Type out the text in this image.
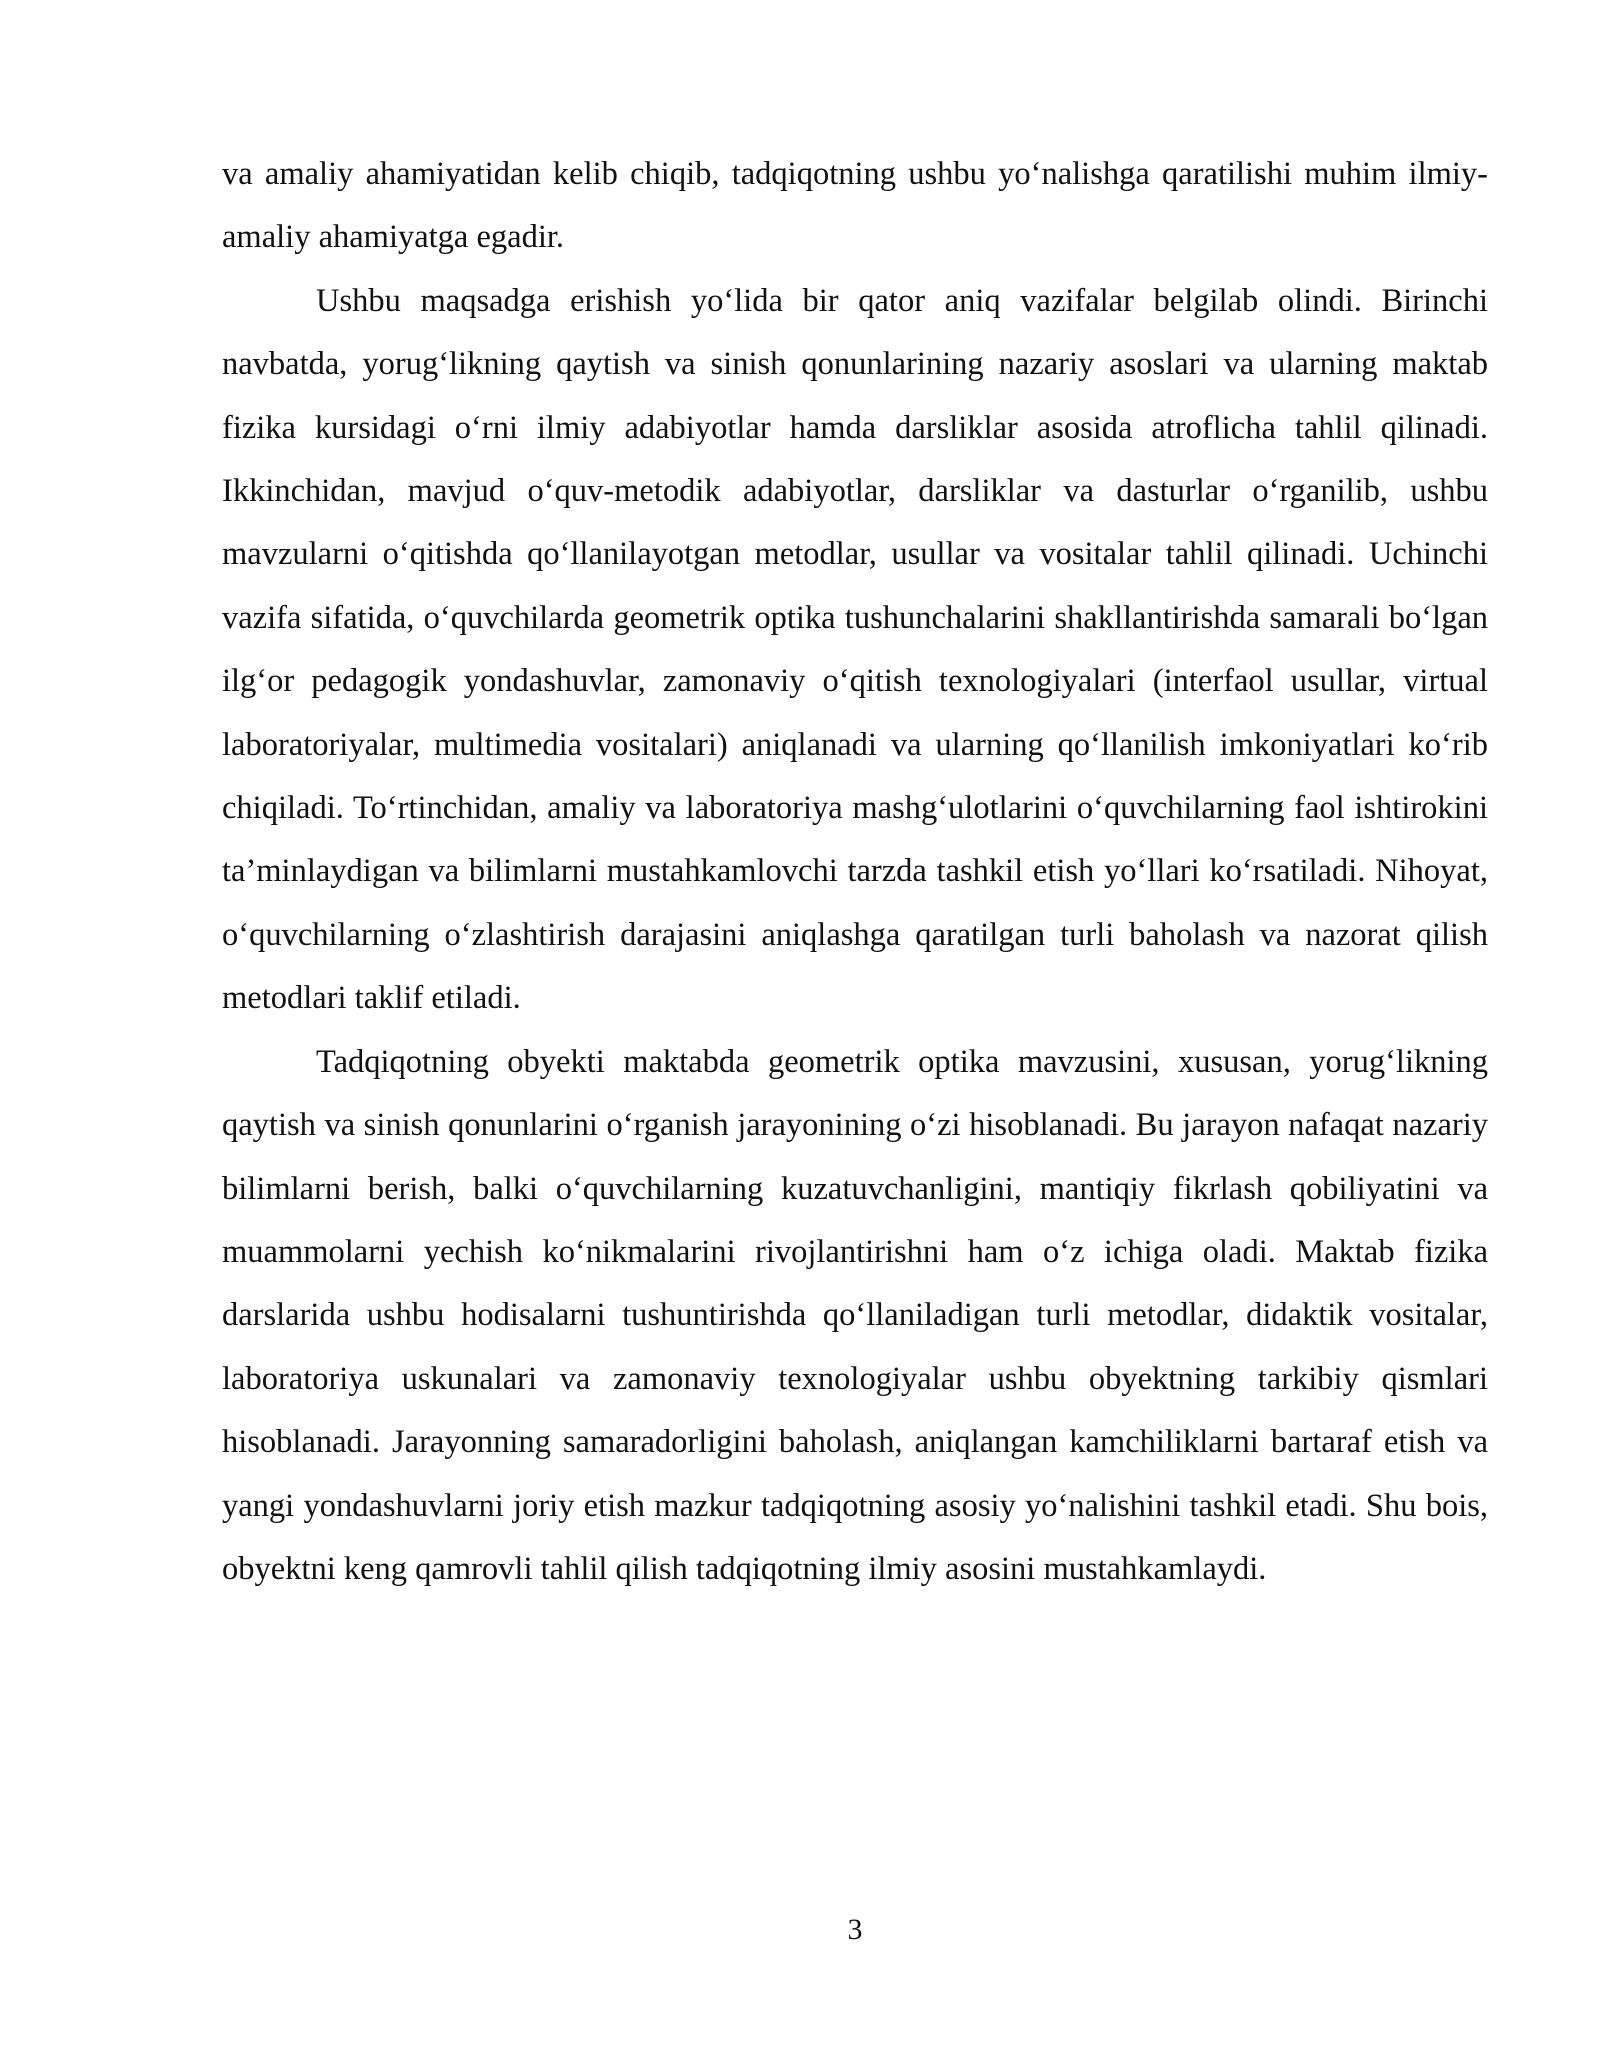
va amaliy ahamiyatidan kelib chiqib, tadqiqotning ushbu yo‘nalishga qaratilishi muhim ilmiy-amaliy ahamiyatga egadir.

Ushbu maqsadga erishish yo‘lida bir qator aniq vazifalar belgilab olindi. Birinchi navbatda, yorug‘likning qaytish va sinish qonunlarining nazariy asoslari va ularning maktab fizika kursidagi o‘rni ilmiy adabiyotlar hamda darsliklar asosida atroflicha tahlil qilinadi. Ikkinchidan, mavjud o‘quv-metodik adabiyotlar, darsliklar va dasturlar o‘rganilib, ushbu mavzularni o‘qitishda qo‘llanilayotgan metodlar, usullar va vositalar tahlil qilinadi. Uchinchi vazifa sifatida, o‘quvchilarda geometrik optika tushunchalarini shakllantirishda samarali bo‘lgan ilg‘or pedagogik yondashuvlar, zamonaviy o‘qitish texnologiyalari (interfaol usullar, virtual laboratoriyalar, multimedia vositalari) aniqlanadi va ularning qo‘llanilish imkoniyatlari ko‘rib chiqiladi. To‘rtinchidan, amaliy va laboratoriya mashg‘ulotlarini o‘quvchilarning faol ishtirokini ta’minlaydigan va bilimlarni mustahkamlovchi tarzda tashkil etish yo‘llari ko‘rsatiladi. Nihoyat, o‘quvchilarning o‘zlashtirish darajasini aniqlashga qaratilgan turli baholash va nazorat qilish metodlari taklif etiladi.

Tadqiqotning obyekti maktabda geometrik optika mavzusini, xususan, yorug‘likning qaytish va sinish qonunlarini o‘rganish jarayonining o‘zi hisoblanadi. Bu jarayon nafaqat nazariy bilimlarni berish, balki o‘quvchilarning kuzatuvchanligini, mantiqiy fikrlash qobiliyatini va muammolarni yechish ko‘nikmalarini rivojlantirishni ham o‘z ichiga oladi. Maktab fizika darslarida ushbu hodisalarni tushuntirishda qo‘llaniladigan turli metodlar, didaktik vositalar, laboratoriya uskunalari va zamonaviy texnologiyalar ushbu obyektning tarkibiy qismlari hisoblanadi. Jarayonning samaradorligini baholash, aniqlangan kamchiliklarni bartaraf etish va yangi yondashuvlarni joriy etish mazkur tadqiqotning asosiy yo‘nalishini tashkil etadi. Shu bois, obyektni keng qamrovli tahlil qilish tadqiqotning ilmiy asosini mustahkamlaydi.

3
